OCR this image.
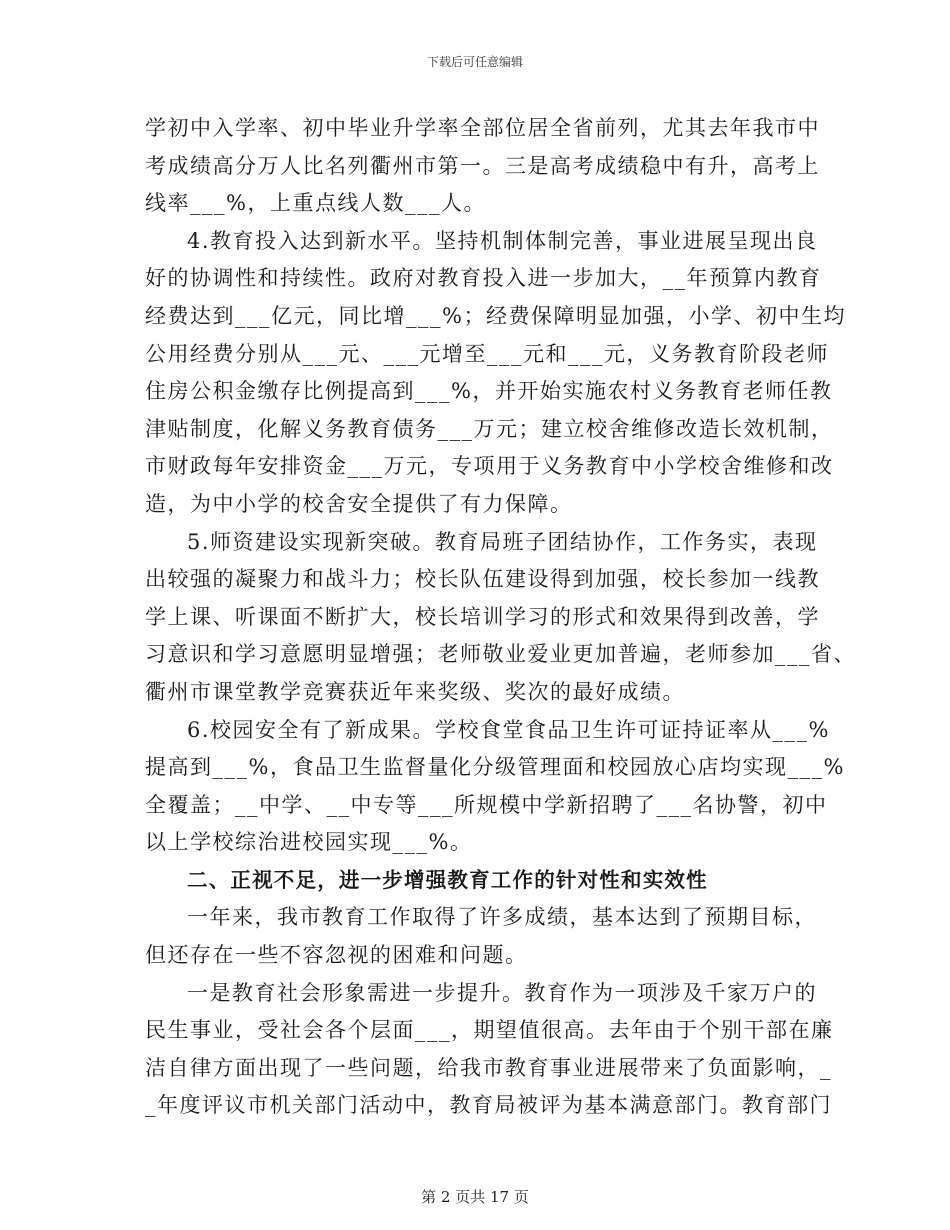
下载后可任意编辑
学初中入学率、初中毕业升学率全部位居全省前列，尤其去年我市中
考成绩高分万人比名列衢州市第一。三是高考成绩稳中有升，高考上
线率___%，上重点线人数___人。
4.教育投入达到新水平。坚持机制体制完善，事业进展呈现出良
好的协调性和持续性。政府对教育投入进一步加大，__年预算内教育
经费达到___亿元，同比增___%；经费保障明显加强，小学、初中生均
公用经费分别从___元、___元增至___元和___元，义务教育阶段老师
住房公积金缴存比例提高到___%，并开始实施农村义务教育老师任教
津贴制度，化解义务教育债务___万元；建立校舍维修改造长效机制，
市财政每年安排资金___万元，专项用于义务教育中小学校舍维修和改
造，为中小学的校舍安全提供了有力保障。
5.师资建设实现新突破。教育局班子团结协作，工作务实，表现
出较强的凝聚力和战斗力；校长队伍建设得到加强，校长参加一线教
学上课、听课面不断扩大，校长培训学习的形式和效果得到改善，学
习意识和学习意愿明显增强；老师敬业爱业更加普遍，老师参加___省、
衢州市课堂教学竞赛获近年来奖级、奖次的最好成绩。
6.校园安全有了新成果。学校食堂食品卫生许可证持证率从___%
提高到___%，食品卫生监督量化分级管理面和校园放心店均实现___%
全覆盖；__中学、__中专等___所规模中学新招聘了___名协警，初中
以上学校综治进校园实现___%。
二、正视不足，进一步增强教育工作的针对性和实效性
一年来，我市教育工作取得了许多成绩，基本达到了预期目标，
但还存在一些不容忽视的困难和问题。
一是教育社会形象需进一步提升。教育作为一项涉及千家万户的
民生事业，受社会各个层面___，期望值很高。去年由于个别干部在廉
洁自律方面出现了一些问题，给我市教育事业进展带来了负面影响，_
_年度评议市机关部门活动中，教育局被评为基本满意部门。教育部门
第 2 页共 17 页
